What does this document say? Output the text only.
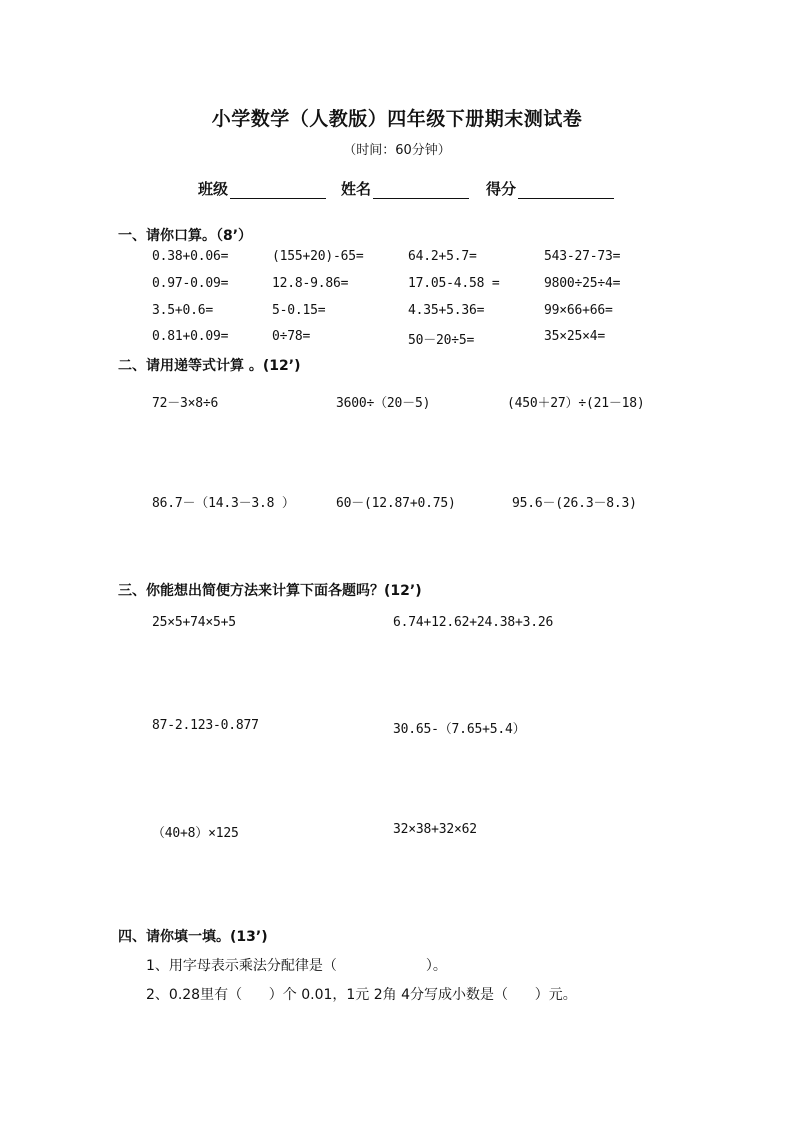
小学数学（人教版）四年级下册期末测试卷
（时间：60分钟）
班级	姓名	得分
一、请你口算。（8’）
0.38+0.06=	(155+20)-65=	64.2+5.7=	543-27-73=
0.97-0.09=	12.8-9.86=	17.05-4.58 =	9800÷25÷4=
3.5+0.6=	5-0.15=	4.35+5.36=	99×66+66=
0.81+0.09=	0÷78=	50－20÷5=	35×25×4=
二、请用递等式计算 。(12’)
72－3×8÷6	3600÷（20－5)	(450＋27）÷(21－18)
86.7－（14.3－3.8 ）	60－(12.87+0.75)	95.6－(26.3－8.3)
三、你能想出简便方法来计算下面各题吗？(12’)
25×5+74×5+5	6.74+12.62+24.38+3.26
87-2.123-0.877	30.65-（7.65+5.4）
（40+8）×125	32×38+32×62
四、请你填一填。(13’)
1、用字母表示乘法分配律是（                    ）。
2、0.28里有（      ）个 0.01，1元 2角 4分写成小数是（      ）元。
